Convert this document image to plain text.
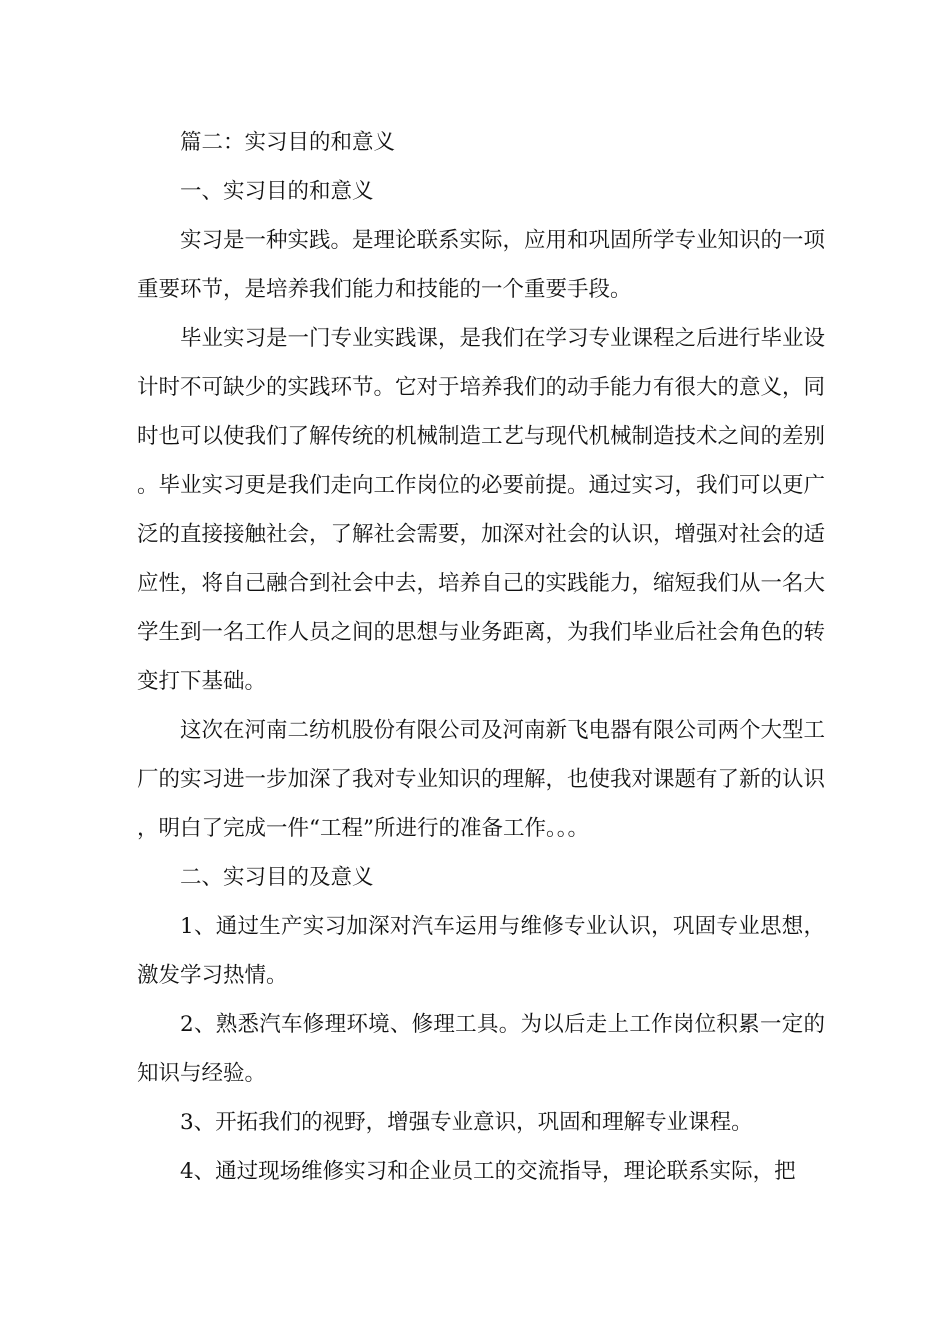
篇二：实习目的和意义

一、实习目的和意义

实习是一种实践。是理论联系实际，应用和巩固所学专业知识的一项重要环节，是培养我们能力和技能的一个重要手段。

毕业实习是一门专业实践课，是我们在学习专业课程之后进行毕业设计时不可缺少的实践环节。它对于培养我们的动手能力有很大的意义，同时也可以使我们了解传统的机械制造工艺与现代机械制造技术之间的差别。毕业实习更是我们走向工作岗位的必要前提。通过实习，我们可以更广泛的直接接触社会，了解社会需要，加深对社会的认识，增强对社会的适应性，将自己融合到社会中去，培养自己的实践能力，缩短我们从一名大学生到一名工作人员之间的思想与业务距离，为我们毕业后社会角色的转变打下基础。

这次在河南二纺机股份有限公司及河南新飞电器有限公司两个大型工厂的实习进一步加深了我对专业知识的理解，也使我对课题有了新的认识，明白了完成一件“工程”所进行的准备工作。。。

二、实习目的及意义

1、通过生产实习加深对汽车运用与维修专业认识，巩固专业思想，激发学习热情。

2、熟悉汽车修理环境、修理工具。为以后走上工作岗位积累一定的知识与经验。

3、开拓我们的视野，增强专业意识，巩固和理解专业课程。

4、通过现场维修实习和企业员工的交流指导，理论联系实际，把
